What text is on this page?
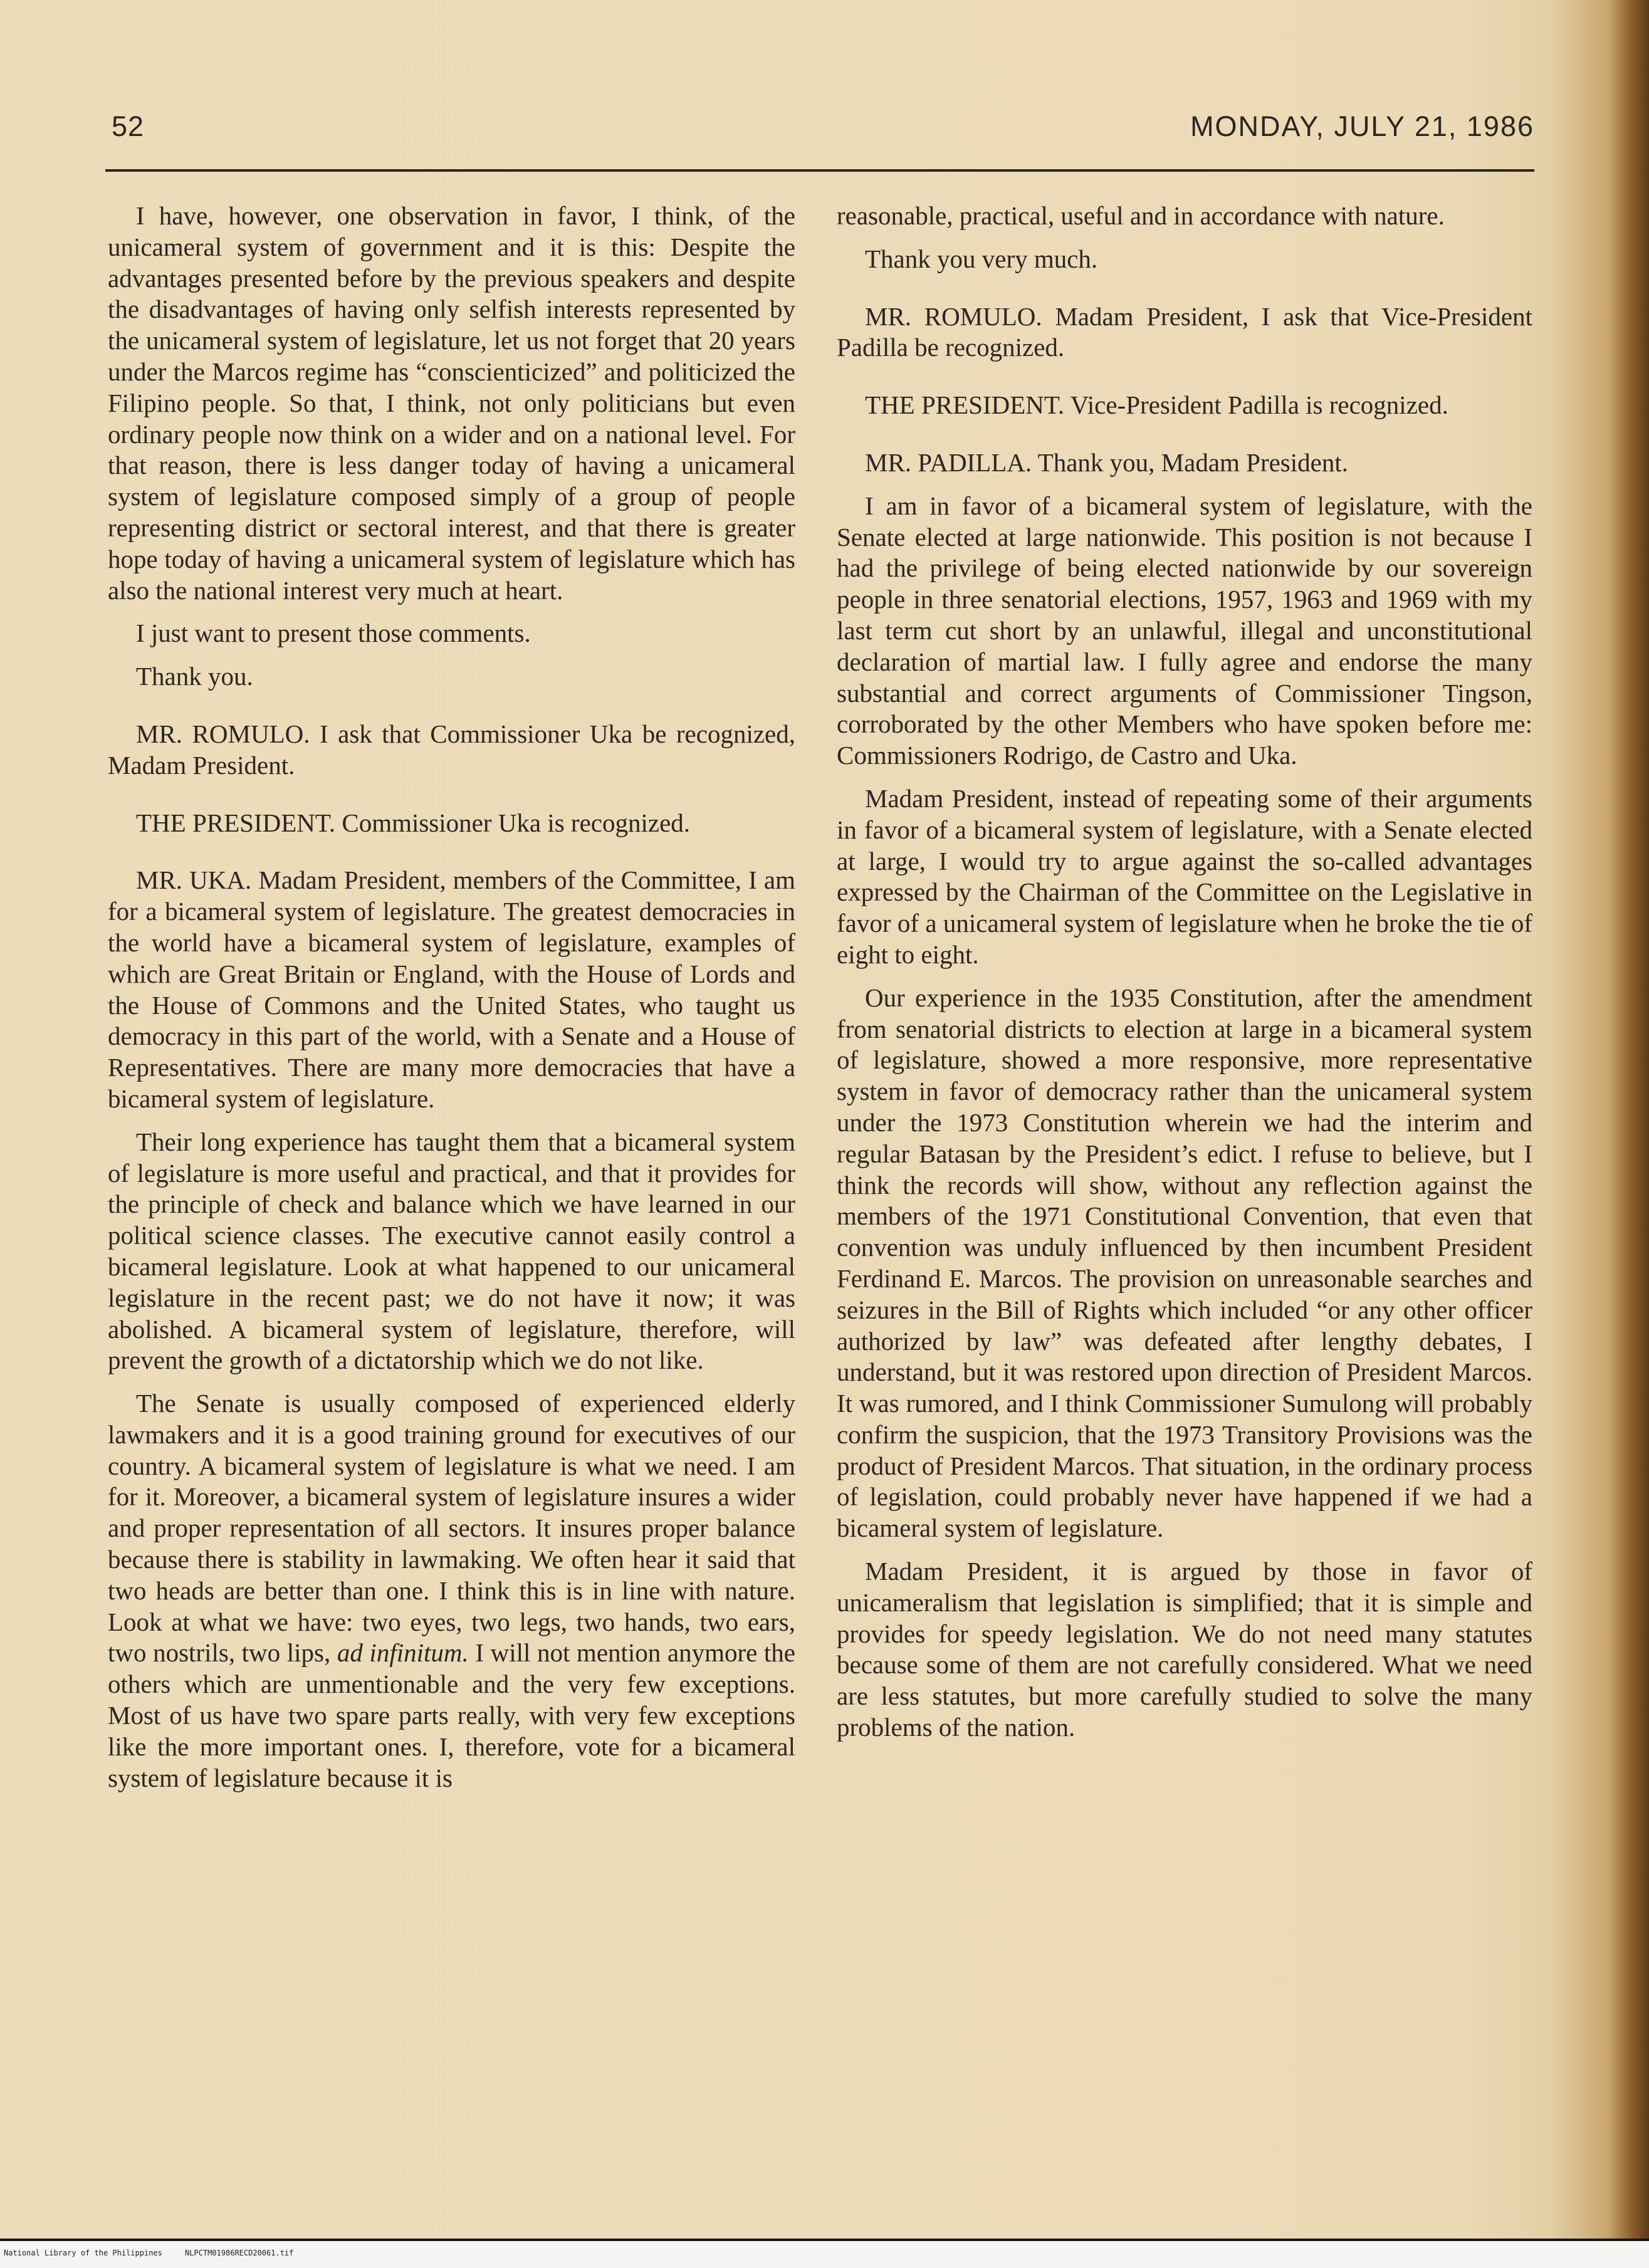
52	MONDAY, JULY 21, 1986

I have, however, one observation in favor, I think, of the unicameral system of government and it is this: Despite the advantages presented before by the previous speakers and despite the disadvantages of having only selfish interests represented by the unicameral system of legislature, let us not forget that 20 years under the Marcos regime has “conscienticized” and politicized the Filipino people. So that, I think, not only politicians but even ordinary people now think on a wider and on a national level. For that reason, there is less danger today of having a unicameral system of legislature composed simply of a group of people representing district or sectoral interest, and that there is greater hope today of having a unicameral system of legislature which has also the national interest very much at heart.

I just want to present those comments.

Thank you.

MR. ROMULO. I ask that Commissioner Uka be recognized, Madam President.

THE PRESIDENT. Commissioner Uka is recognized.

MR. UKA. Madam President, members of the Committee, I am for a bicameral system of legislature. The greatest democracies in the world have a bicameral system of legislature, examples of which are Great Britain or England, with the House of Lords and the House of Commons and the United States, who taught us democracy in this part of the world, with a Senate and a House of Representatives. There are many more democracies that have a bicameral system of legislature.

Their long experience has taught them that a bicameral system of legislature is more useful and practical, and that it provides for the principle of check and balance which we have learned in our political science classes. The executive cannot easily control a bicameral legislature. Look at what happened to our unicameral legislature in the recent past; we do not have it now; it was abolished. A bicameral system of legislature, therefore, will prevent the growth of a dictatorship which we do not like.

The Senate is usually composed of experienced elderly lawmakers and it is a good training ground for executives of our country. A bicameral system of legislature is what we need. I am for it. Moreover, a bicameral system of legislature insures a wider and proper representation of all sectors. It insures proper balance because there is stability in lawmaking. We often hear it said that two heads are better than one. I think this is in line with nature. Look at what we have: two eyes, two legs, two hands, two ears, two nostrils, two lips, ad infinitum. I will not mention anymore the others which are unmentionable and the very few exceptions. Most of us have two spare parts really, with very few exceptions like the more important ones. I, therefore, vote for a bicameral system of legislature because it is

reasonable, practical, useful and in accordance with nature.

Thank you very much.

MR. ROMULO. Madam President, I ask that Vice-President Padilla be recognized.

THE PRESIDENT. Vice-President Padilla is recognized.

MR. PADILLA. Thank you, Madam President.

I am in favor of a bicameral system of legislature, with the Senate elected at large nationwide. This position is not because I had the privilege of being elected nationwide by our sovereign people in three senatorial elections, 1957, 1963 and 1969 with my last term cut short by an unlawful, illegal and unconstitutional declaration of martial law. I fully agree and endorse the many substantial and correct arguments of Commissioner Tingson, corroborated by the other Members who have spoken before me: Commissioners Rodrigo, de Castro and Uka.

Madam President, instead of repeating some of their arguments in favor of a bicameral system of legislature, with a Senate elected at large, I would try to argue against the so-called advantages expressed by the Chairman of the Committee on the Legislative in favor of a unicameral system of legislature when he broke the tie of eight to eight.

Our experience in the 1935 Constitution, after the amendment from senatorial districts to election at large in a bicameral system of legislature, showed a more responsive, more representative system in favor of democracy rather than the unicameral system under the 1973 Constitution wherein we had the interim and regular Batasan by the President’s edict. I refuse to believe, but I think the records will show, without any reflection against the members of the 1971 Constitutional Convention, that even that convention was unduly influenced by then incumbent President Ferdinand E. Marcos. The provision on unreasonable searches and seizures in the Bill of Rights which included “or any other officer authorized by law” was defeated after lengthy debates, I understand, but it was restored upon direction of President Marcos. It was rumored, and I think Commissioner Sumulong will probably confirm the suspicion, that the 1973 Transitory Provisions was the product of President Marcos. That situation, in the ordinary process of legislation, could probably never have happened if we had a bicameral system of legislature.

Madam President, it is argued by those in favor of unicameralism that legislation is simplified; that it is simple and provides for speedy legislation. We do not need many statutes because some of them are not carefully considered. What we need are less statutes, but more carefully studied to solve the many problems of the nation.

National Library of the Philippines     NLPCTM01986RECD20061.tif
